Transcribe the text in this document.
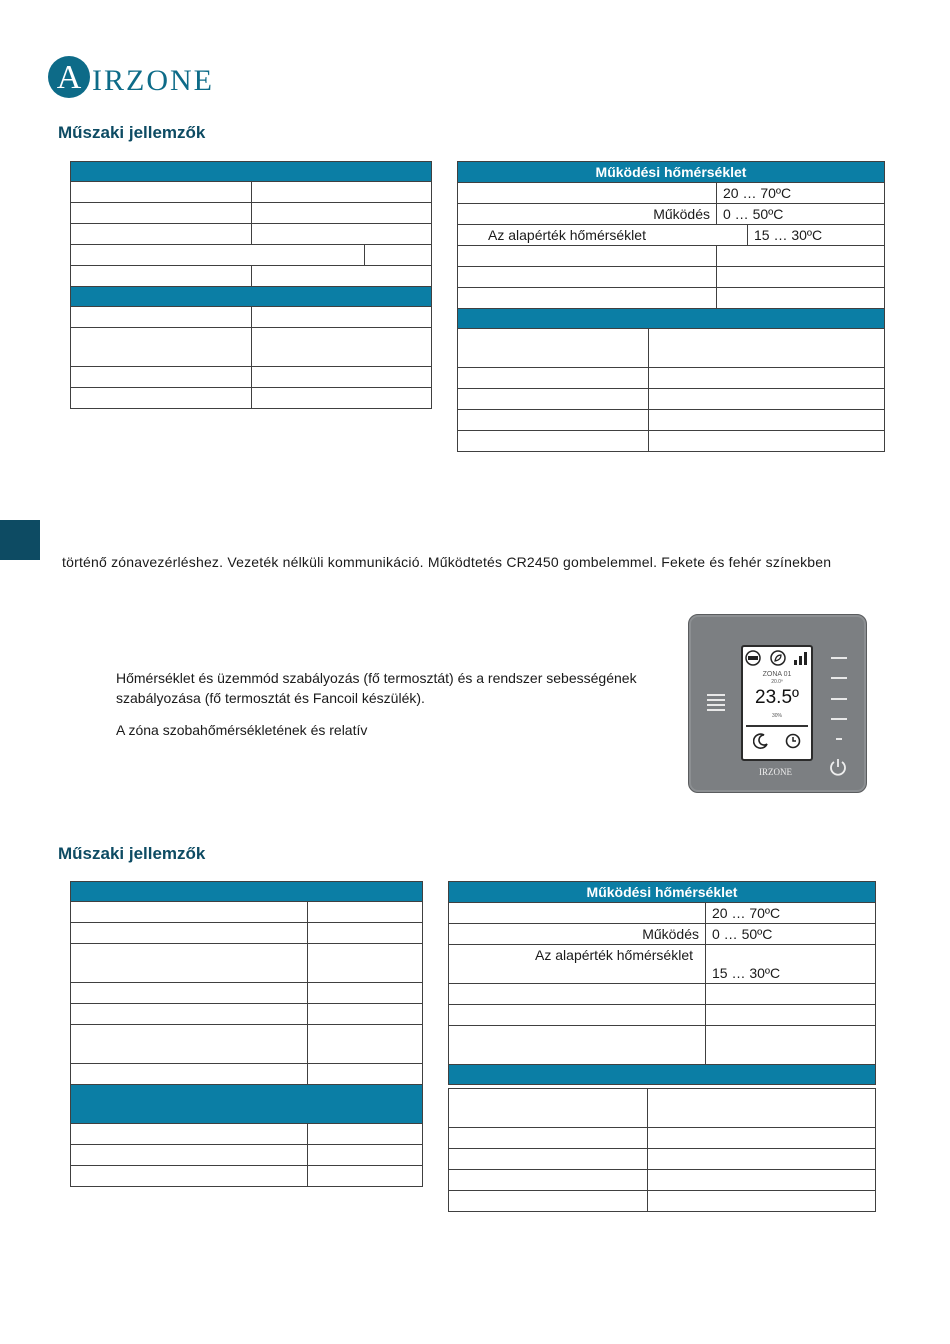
A IRZONE
Műszaki jellemzők

Működési hőmérséklet		
	20 … 70ºC	
Működés	0 … 50ºC	
Az alapérték hőmérséklet		15 … 30ºC

történő zónavezérléshez. Vezeték nélküli kommunikáció. Működtetés CR2450 gombelemmel. Fekete és fehér színekben
Hőmérséklet és üzemmód szabályozás (fő termosztát) és a rendszer sebességének szabályozása (fő termosztát és Fancoil készülék).
A zóna szobahőmérsékletének és relatív
ZONA 01
20.0º
23.5º
30%
IRZONE
Műszaki jellemzők

Működési hőmérséklet	
	20 … 70ºC
Működés	0 … 50ºC
Az alapérték hőmérséklet	15 … 30ºC
